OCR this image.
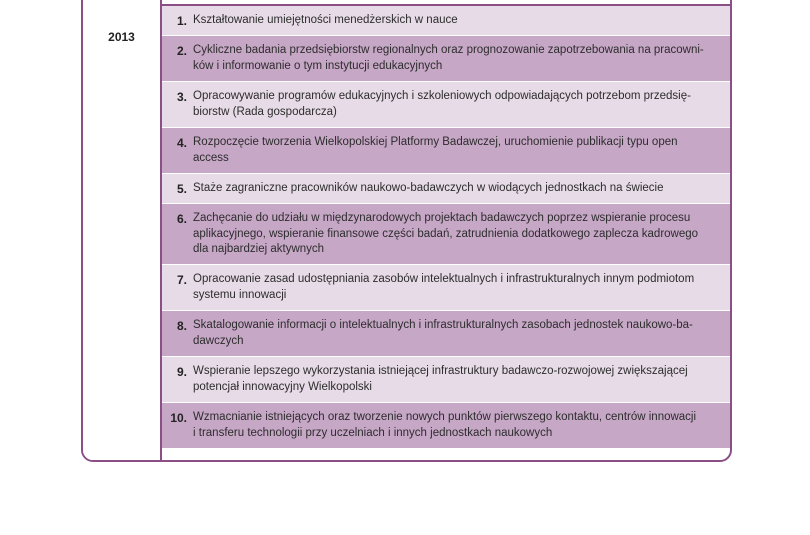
2013
1. Kształtowanie umiejętności menedżerskich w nauce
2. Cykliczne badania przedsiębiorstw regionalnych oraz prognozowanie zapotrzebowania na pracowni-
ków i informowanie o tym instytucji edukacyjnych
3. Opracowywanie programów edukacyjnych i szkoleniowych odpowiadających potrzebom przedsię-
biorstw (Rada gospodarcza)
4. Rozpoczęcie tworzenia Wielkopolskiej Platformy Badawczej, uruchomienie publikacji typu open
access
5. Staże zagraniczne pracowników naukowo-badawczych w wiodących jednostkach na świecie
6. Zachęcanie do udziału w międzynarodowych projektach badawczych poprzez wspieranie procesu
aplikacyjnego, wspieranie finansowe części badań, zatrudnienia dodatkowego zaplecza kadrowego
dla najbardziej aktywnych
7. Opracowanie zasad udostępniania zasobów intelektualnych i infrastrukturalnych innym podmiotom
systemu innowacji
8. Skatalogowanie informacji o intelektualnych i infrastrukturalnych zasobach jednostek naukowo-ba-
dawczych
9. Wspieranie lepszego wykorzystania istniejącej infrastruktury badawczo-rozwojowej zwiększającej
potencjał innowacyjny Wielkopolski
10. Wzmacnianie istniejących oraz tworzenie nowych punktów pierwszego kontaktu, centrów innowacji
i transferu technologii przy uczelniach i innych jednostkach naukowych
